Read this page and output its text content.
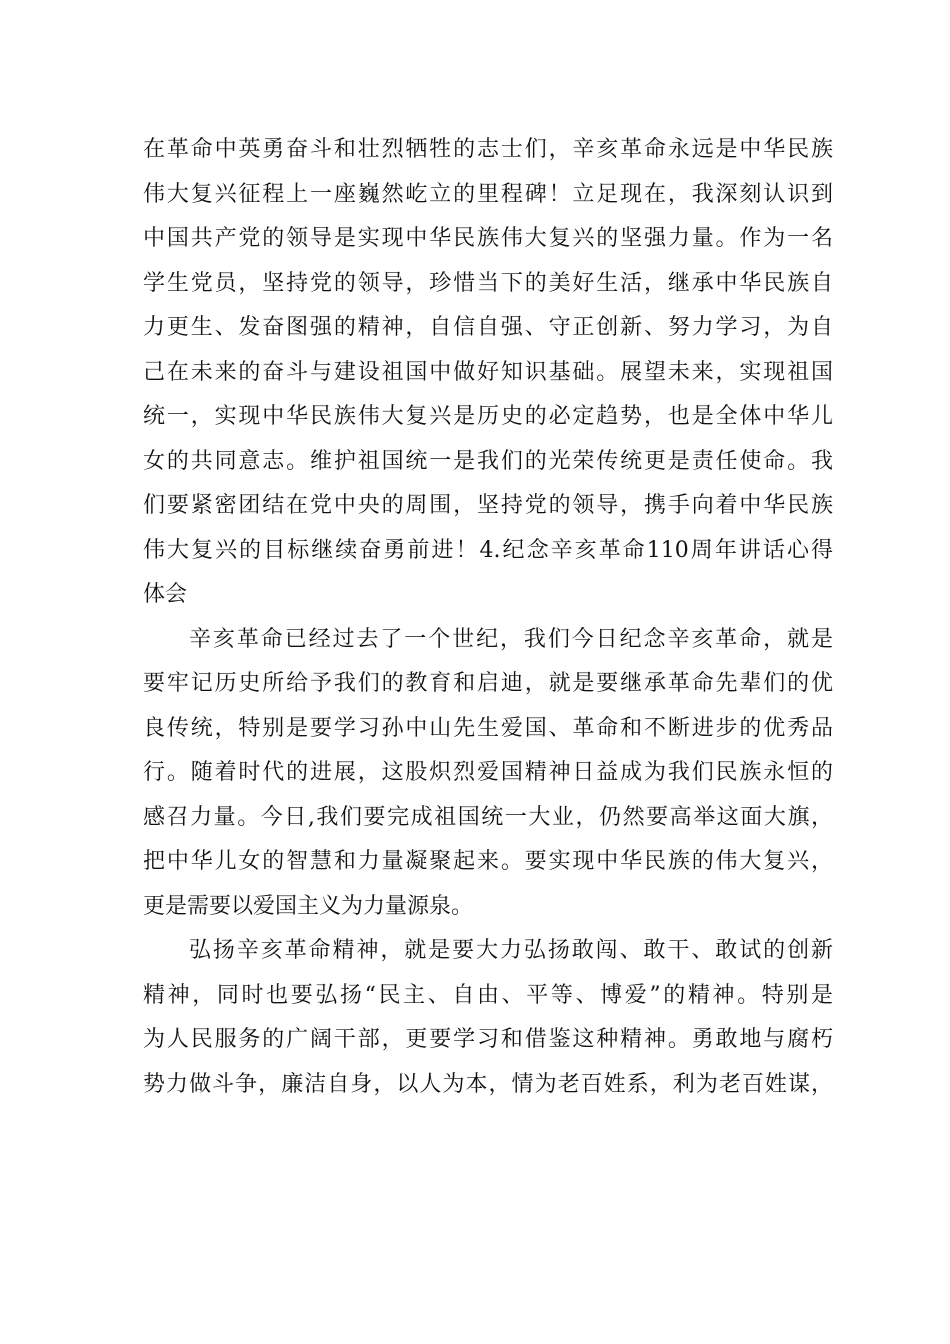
在革命中英勇奋斗和壮烈牺牲的志士们，辛亥革命永远是中华民族
伟大复兴征程上一座巍然屹立的里程碑！立足现在，我深刻认识到
中国共产党的领导是实现中华民族伟大复兴的坚强力量。作为一名
学生党员，坚持党的领导，珍惜当下的美好生活，继承中华民族自
力更生、发奋图强的精神，自信自强、守正创新、努力学习，为自
己在未来的奋斗与建设祖国中做好知识基础。展望未来，实现祖国
统一，实现中华民族伟大复兴是历史的必定趋势，也是全体中华儿
女的共同意志。维护祖国统一是我们的光荣传统更是责任使命。我
们要紧密团结在党中央的周围，坚持党的领导，携手向着中华民族
伟大复兴的目标继续奋勇前进！4.纪念辛亥革命110周年讲话心得
体会
辛亥革命已经过去了一个世纪，我们今日纪念辛亥革命，就是
要牢记历史所给予我们的教育和启迪，就是要继承革命先辈们的优
良传统，特别是要学习孙中山先生爱国、革命和不断进步的优秀品
行。随着时代的进展，这股炽烈爱国精神日益成为我们民族永恒的
感召力量。今日,我们要完成祖国统一大业，仍然要高举这面大旗，
把中华儿女的智慧和力量凝聚起来。要实现中华民族的伟大复兴，
更是需要以爱国主义为力量源泉。
弘扬辛亥革命精神，就是要大力弘扬敢闯、敢干、敢试的创新
精神，同时也要弘扬“民主、自由、平等、博爱”的精神。特别是
为人民服务的广阔干部，更要学习和借鉴这种精神。勇敢地与腐朽
势力做斗争，廉洁自身，以人为本，情为老百姓系，利为老百姓谋，
